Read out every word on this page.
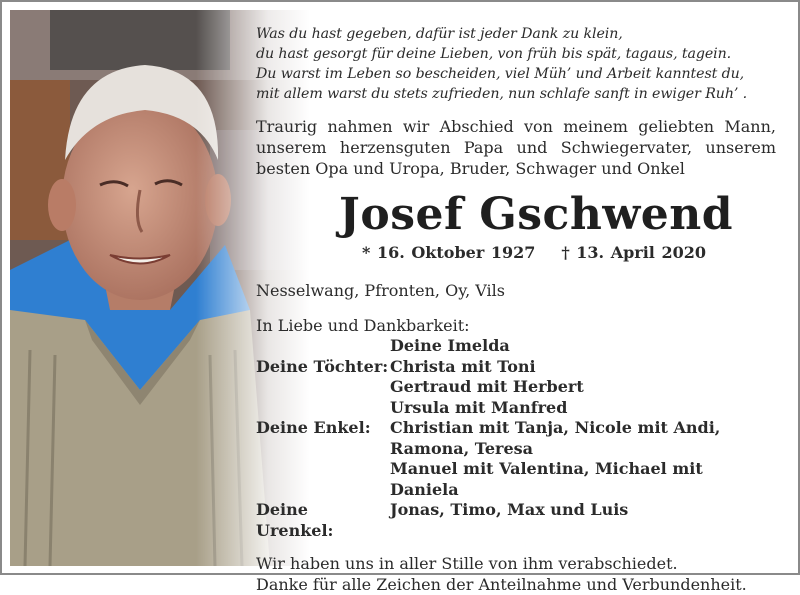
Was du hast gegeben, dafür ist jeder Dank zu klein,
du hast gesorgt für deine Lieben, von früh bis spät, tagaus, tagein.
Du warst im Leben so bescheiden, viel Müh’ und Arbeit kanntest du,
mit allem warst du stets zufrieden, nun schlafe sanft in ewiger Ruh’ .
Traurig nahmen wir Abschied von meinem geliebten Mann, unserem herzensguten Papa und Schwiegervater, unserem besten Opa und Uropa, Bruder, Schwager und Onkel
Josef Gschwend
* 16. Oktober 1927 † 13. April 2020
Nesselwang, Pfronten, Oy, Vils
In Liebe und Dankbarkeit:
Deine Imelda
Deine Töchter: Christa mit Toni
Gertraud mit Herbert
Ursula mit Manfred
Deine Enkel:	Christian mit Tanja, Nicole mit Andi,
Ramona, Teresa
Manuel mit Valentina, Michael mit Daniela
Deine Urenkel:
Jonas, Timo, Max und Luis
Wir haben uns in aller Stille von ihm verabschiedet.
Danke für alle Zeichen der Anteilnahme und Verbundenheit.
